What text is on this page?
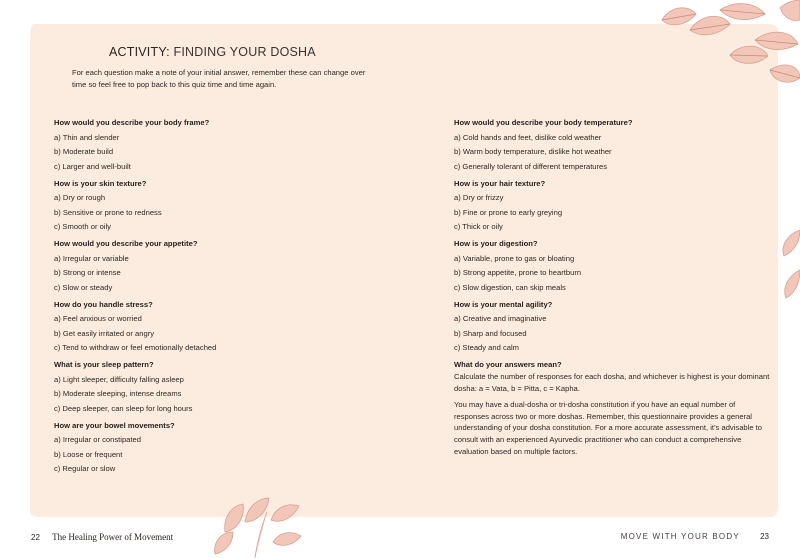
ACTIVITY: FINDING YOUR DOSHA
For each question make a note of your initial answer, remember these can change over time so feel free to pop back to this quiz time and time again.
How would you describe your body frame?
a) Thin and slender
b) Moderate build
c) Larger and well-built
How is your skin texture?
a) Dry or rough
b) Sensitive or prone to redness
c) Smooth or oily
How would you describe your appetite?
a) Irregular or variable
b) Strong or intense
c) Slow or steady
How do you handle stress?
a) Feel anxious or worried
b) Get easily irritated or angry
c) Tend to withdraw or feel emotionally detached
What is your sleep pattern?
a) Light sleeper, difficulty falling asleep
b) Moderate sleeping, intense dreams
c) Deep sleeper, can sleep for long hours
How are your bowel movements?
a) Irregular or constipated
b) Loose or frequent
c) Regular or slow
How would you describe your body temperature?
a) Cold hands and feet, dislike cold weather
b) Warm body temperature, dislike hot weather
c) Generally tolerant of different temperatures
How is your hair texture?
a) Dry or frizzy
b) Fine or prone to early greying
c) Thick or oily
How is your digestion?
a) Variable, prone to gas or bloating
b) Strong appetite, prone to heartburn
c) Slow digestion, can skip meals
How is your mental agility?
a) Creative and imaginative
b) Sharp and focused
c) Steady and calm
What do your answers mean?
Calculate the number of responses for each dosha, and whichever is highest is your dominant dosha: a = Vata, b = Pitta, c = Kapha.
You may have a dual-dosha or tri-dosha constitution if you have an equal number of responses across two or more doshas. Remember, this questionnaire provides a general understanding of your dosha constitution. For a more accurate assessment, it’s advisable to consult with an experienced Ayurvedic practitioner who can conduct a comprehensive evaluation based on multiple factors.
22 The Healing Power of Movement	MOVE WITH YOUR BODY	23
